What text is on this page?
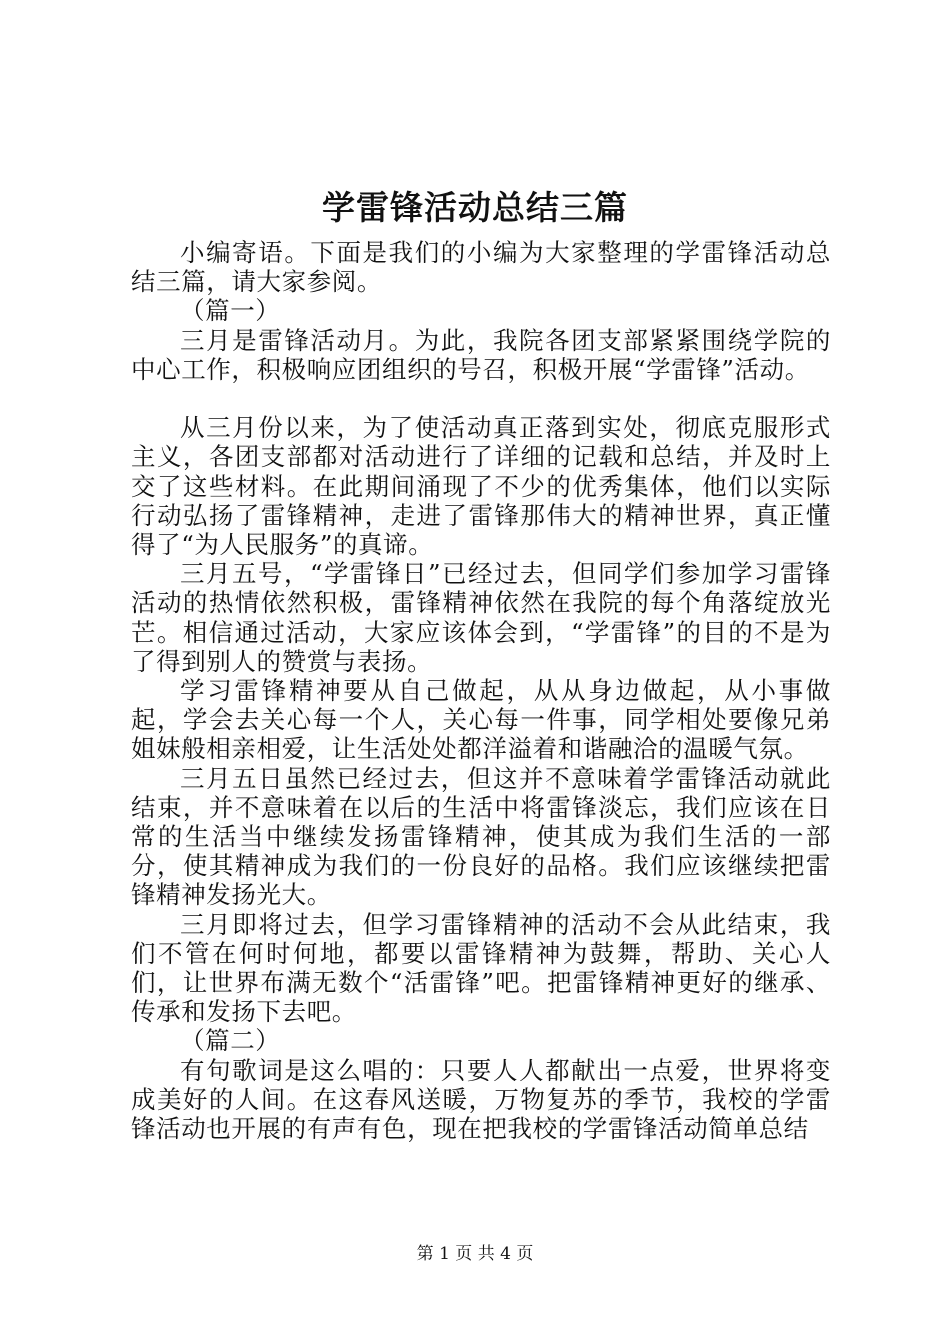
学雷锋活动总结三篇

小编寄语。下面是我们的小编为大家整理的学雷锋活动总结三篇，请大家参阅。

（篇一）

三月是雷锋活动月。为此，我院各团支部紧紧围绕学院的中心工作，积极响应团组织的号召，积极开展“学雷锋”活动。

从三月份以来，为了使活动真正落到实处，彻底克服形式主义，各团支部都对活动进行了详细的记载和总结，并及时上交了这些材料。在此期间涌现了不少的优秀集体，他们以实际行动弘扬了雷锋精神，走进了雷锋那伟大的精神世界，真正懂得了“为人民服务”的真谛。

三月五号，“学雷锋日”已经过去，但同学们参加学习雷锋活动的热情依然积极，雷锋精神依然在我院的每个角落绽放光芒。相信通过活动，大家应该体会到，“学雷锋”的目的不是为了得到别人的赞赏与表扬。

学习雷锋精神要从自己做起，从从身边做起，从小事做起，学会去关心每一个人，关心每一件事，同学相处要像兄弟姐妹般相亲相爱，让生活处处都洋溢着和谐融洽的温暖气氛。

三月五日虽然已经过去，但这并不意味着学雷锋活动就此结束，并不意味着在以后的生活中将雷锋淡忘，我们应该在日常的生活当中继续发扬雷锋精神，使其成为我们生活的一部分，使其精神成为我们的一份良好的品格。我们应该继续把雷锋精神发扬光大。

三月即将过去，但学习雷锋精神的活动不会从此结束，我们不管在何时何地，都要以雷锋精神为鼓舞，帮助、关心人们，让世界布满无数个“活雷锋”吧。把雷锋精神更好的继承、传承和发扬下去吧。

（篇二）

有句歌词是这么唱的：只要人人都献出一点爱，世界将变成美好的人间。在这春风送暖，万物复苏的季节，我校的学雷锋活动也开展的有声有色，现在把我校的学雷锋活动简单总结

第 1 页 共 4 页
